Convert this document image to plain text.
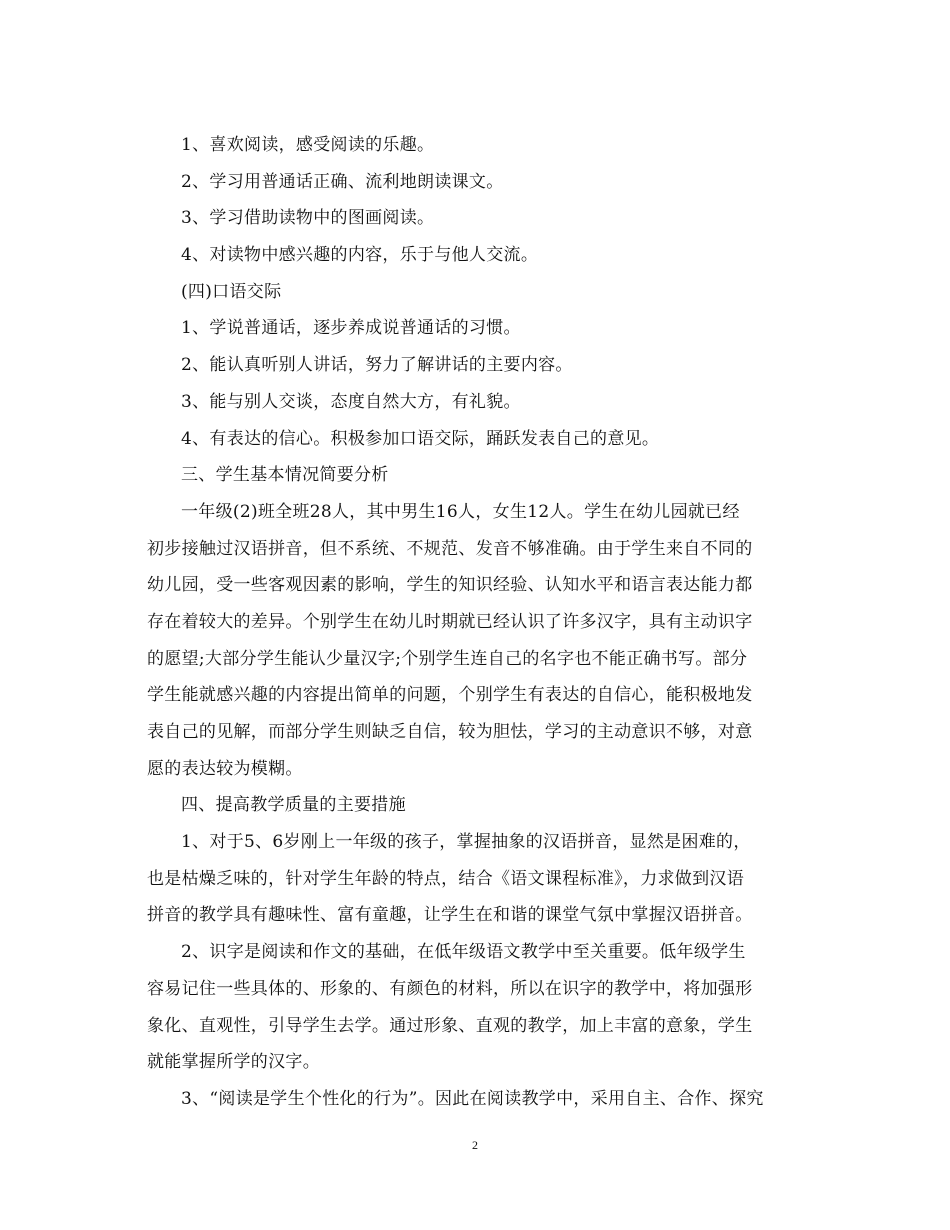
1、喜欢阅读，感受阅读的乐趣。
2、学习用普通话正确、流利地朗读课文。
3、学习借助读物中的图画阅读。
4、对读物中感兴趣的内容，乐于与他人交流。
(四)口语交际
1、学说普通话，逐步养成说普通话的习惯。
2、能认真听别人讲话，努力了解讲话的主要内容。
3、能与别人交谈，态度自然大方，有礼貌。
4、有表达的信心。积极参加口语交际，踊跃发表自己的意见。
三、学生基本情况简要分析
一年级(2)班全班28人，其中男生16人，女生12人。学生在幼儿园就已经
初步接触过汉语拼音，但不系统、不规范、发音不够准确。由于学生来自不同的
幼儿园，受一些客观因素的影响，学生的知识经验、认知水平和语言表达能力都
存在着较大的差异。个别学生在幼儿时期就已经认识了许多汉字，具有主动识字
的愿望;大部分学生能认少量汉字;个别学生连自己的名字也不能正确书写。部分
学生能就感兴趣的内容提出简单的问题，个别学生有表达的自信心，能积极地发
表自己的见解，而部分学生则缺乏自信，较为胆怯，学习的主动意识不够，对意
愿的表达较为模糊。
四、提高教学质量的主要措施
1、对于5、6岁刚上一年级的孩子，掌握抽象的汉语拼音，显然是困难的，
也是枯燥乏味的，针对学生年龄的特点，结合《语文课程标准》，力求做到汉语
拼音的教学具有趣味性、富有童趣，让学生在和谐的课堂气氛中掌握汉语拼音。
2、识字是阅读和作文的基础，在低年级语文教学中至关重要。低年级学生
容易记住一些具体的、形象的、有颜色的材料，所以在识字的教学中，将加强形
象化、直观性，引导学生去学。通过形象、直观的教学，加上丰富的意象，学生
就能掌握所学的汉字。
3、“阅读是学生个性化的行为”。因此在阅读教学中，采用自主、合作、探究
2
